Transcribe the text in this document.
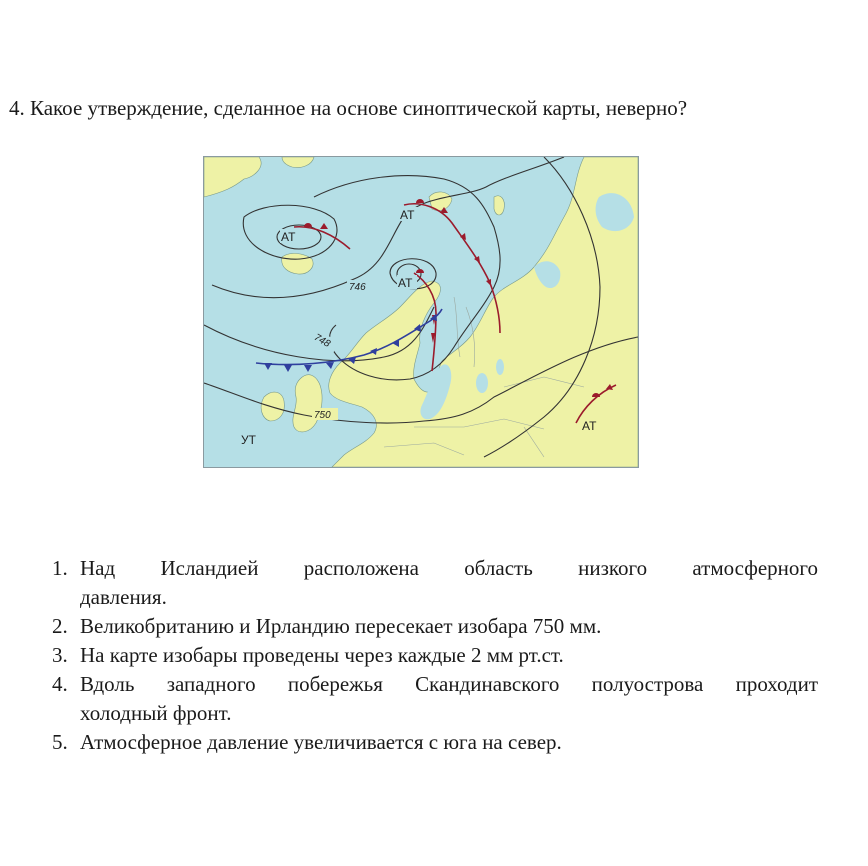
4. Какое утверждение, сделанное на основе синоптической карты, неверно?
746
748
750
АТ
АТ
АТ
АТ
УТ
1. Над Исландией расположена область низкого атмосферного
давления.
2. Великобританию и Ирландию пересекает изобара 750 мм.
3. На карте изобары проведены через каждые 2 мм рт.ст.
4. Вдоль западного побережья Скандинавского полуострова проходит
холодный фронт.
5. Атмосферное давление увеличивается с юга на север.
